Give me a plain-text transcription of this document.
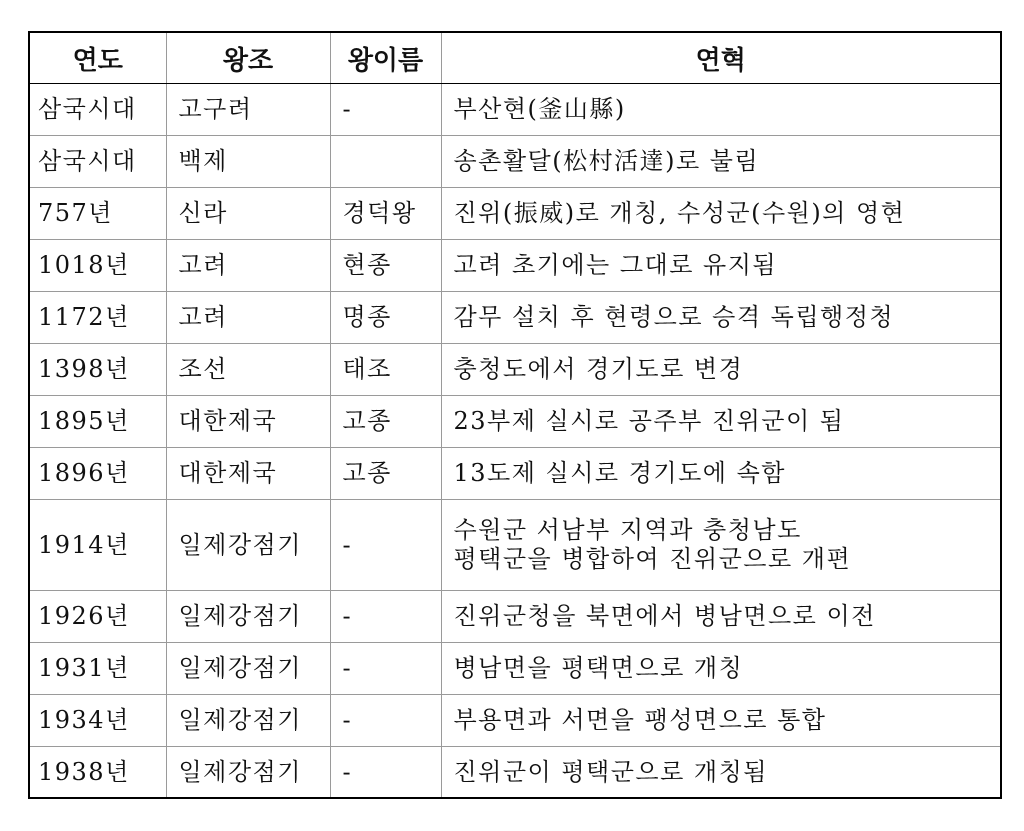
연도	왕조	왕이름	연혁
삼국시대	고구려	-	부산현(釜山縣)
삼국시대	백제		송촌활달(松村活達)로 불림
757년	신라	경덕왕	진위(振威)로 개칭, 수성군(수원)의 영현
1018년	고려	현종	고려 초기에는 그대로 유지됨
1172년	고려	명종	감무 설치 후 현령으로 승격 독립행정청
1398년	조선	태조	충청도에서 경기도로 변경
1895년	대한제국	고종	23부제 실시로 공주부 진위군이 됨
1896년	대한제국	고종	13도제 실시로 경기도에 속함
1914년	일제강점기	-	수원군 서남부 지역과 충청남도
평택군을 병합하여 진위군으로 개편
1926년	일제강점기	-	진위군청을 북면에서 병남면으로 이전
1931년	일제강점기	-	병남면을 평택면으로 개칭
1934년	일제강점기	-	부용면과 서면을 팽성면으로 통합
1938년	일제강점기	-	진위군이 평택군으로 개칭됨
